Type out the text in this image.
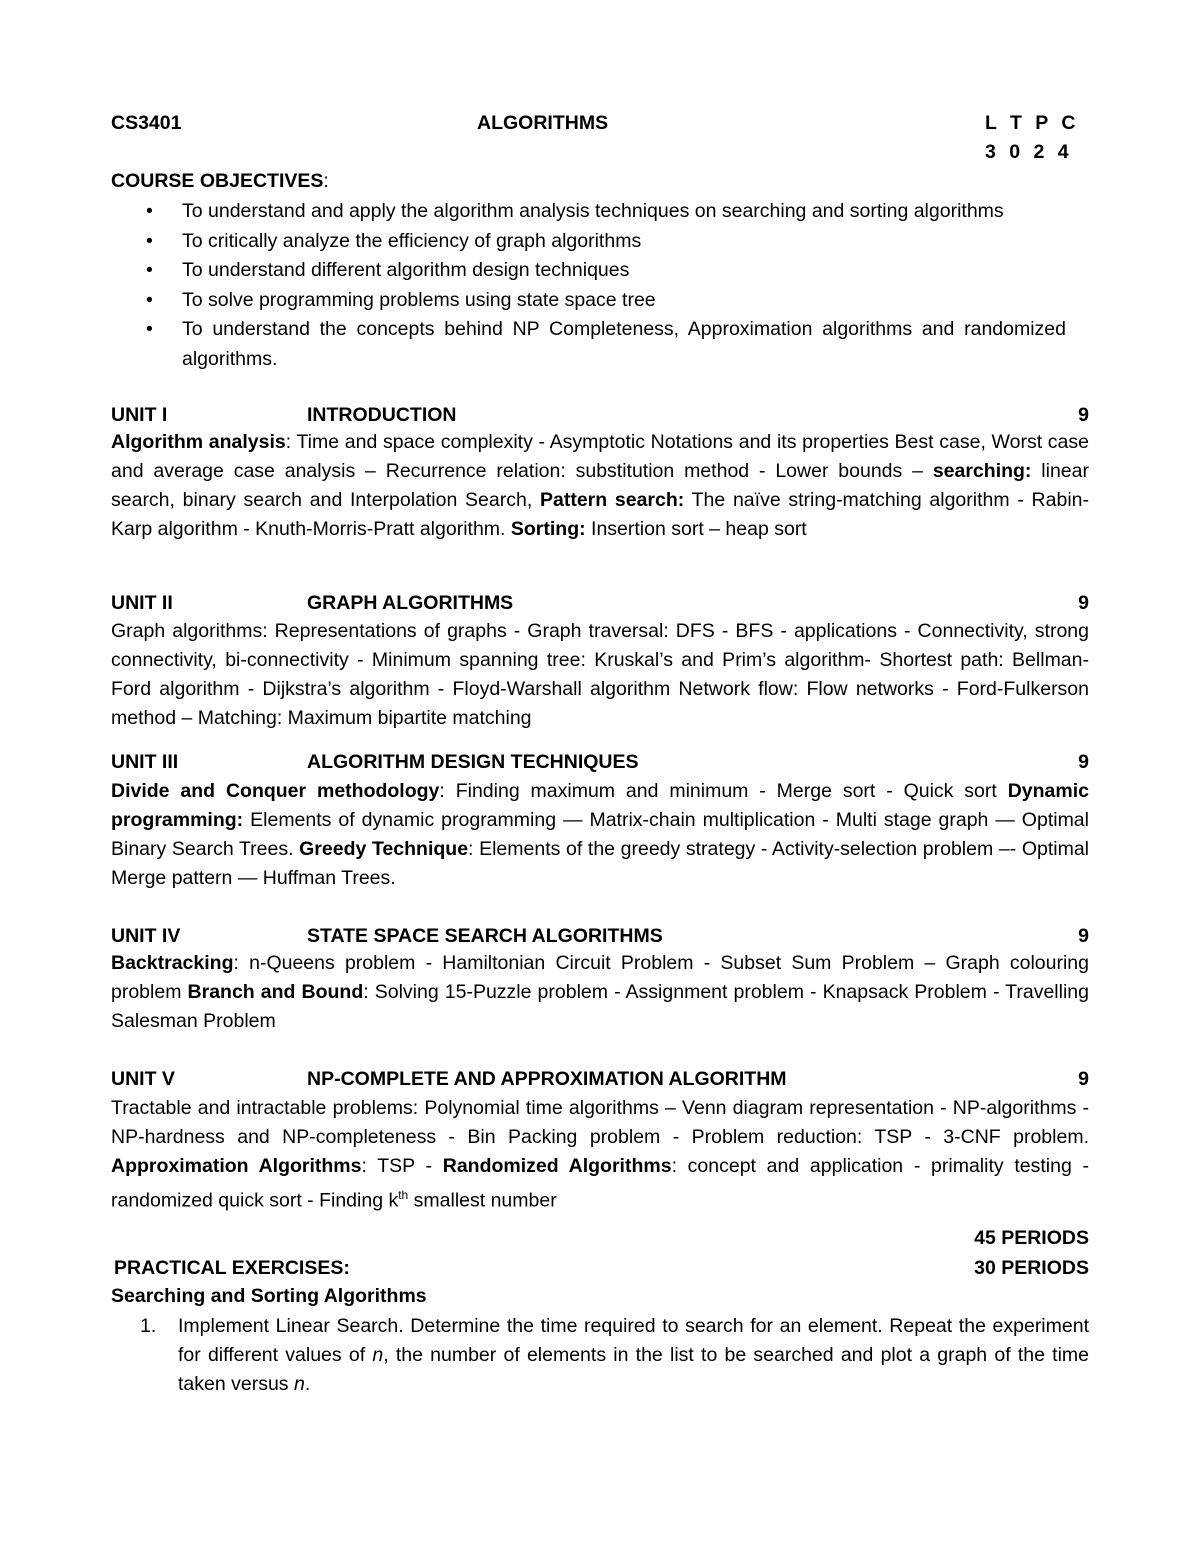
CS3401	ALGORITHMS	L T P C
3 0 2 4
COURSE OBJECTIVES:
• To understand and apply the algorithm analysis techniques on searching and sorting algorithms
• To critically analyze the efficiency of graph algorithms
• To understand different algorithm design techniques
• To solve programming problems using state space tree
• To understand the concepts behind NP Completeness, Approximation algorithms and randomized algorithms.
UNIT I	INTRODUCTION	9
Algorithm analysis: Time and space complexity - Asymptotic Notations and its properties Best case, Worst case and average case analysis – Recurrence relation: substitution method - Lower bounds – searching: linear search, binary search and Interpolation Search, Pattern search: The naïve string-matching algorithm - Rabin-Karp algorithm - Knuth-Morris-Pratt algorithm. Sorting: Insertion sort – heap sort
UNIT II	GRAPH ALGORITHMS	9
Graph algorithms: Representations of graphs - Graph traversal: DFS - BFS - applications - Connectivity, strong connectivity, bi-connectivity - Minimum spanning tree: Kruskal’s and Prim’s algorithm- Shortest path: Bellman-Ford algorithm - Dijkstra’s algorithm - Floyd-Warshall algorithm Network flow: Flow networks - Ford-Fulkerson method – Matching: Maximum bipartite matching
UNIT III	ALGORITHM DESIGN TECHNIQUES	9
Divide and Conquer methodology: Finding maximum and minimum - Merge sort - Quick sort Dynamic programming: Elements of dynamic programming — Matrix-chain multiplication - Multi stage graph — Optimal Binary Search Trees. Greedy Technique: Elements of the greedy strategy - Activity-selection problem –- Optimal Merge pattern — Huffman Trees.
UNIT IV	STATE SPACE SEARCH ALGORITHMS	9
Backtracking: n-Queens problem - Hamiltonian Circuit Problem - Subset Sum Problem – Graph colouring problem Branch and Bound: Solving 15-Puzzle problem - Assignment problem - Knapsack Problem - Travelling Salesman Problem
UNIT V	NP-COMPLETE AND APPROXIMATION ALGORITHM	9
Tractable and intractable problems: Polynomial time algorithms – Venn diagram representation - NP-algorithms - NP-hardness and NP-completeness - Bin Packing problem - Problem reduction: TSP - 3-CNF problem. Approximation Algorithms: TSP - Randomized Algorithms: concept and application - primality testing - randomized quick sort - Finding $k^{th}$ smallest number
45 PERIODS
PRACTICAL EXERCISES:	30 PERIODS
Searching and Sorting Algorithms
1. Implement Linear Search. Determine the time required to search for an element. Repeat the experiment for different values of n, the number of elements in the list to be searched and plot a graph of the time taken versus n.
